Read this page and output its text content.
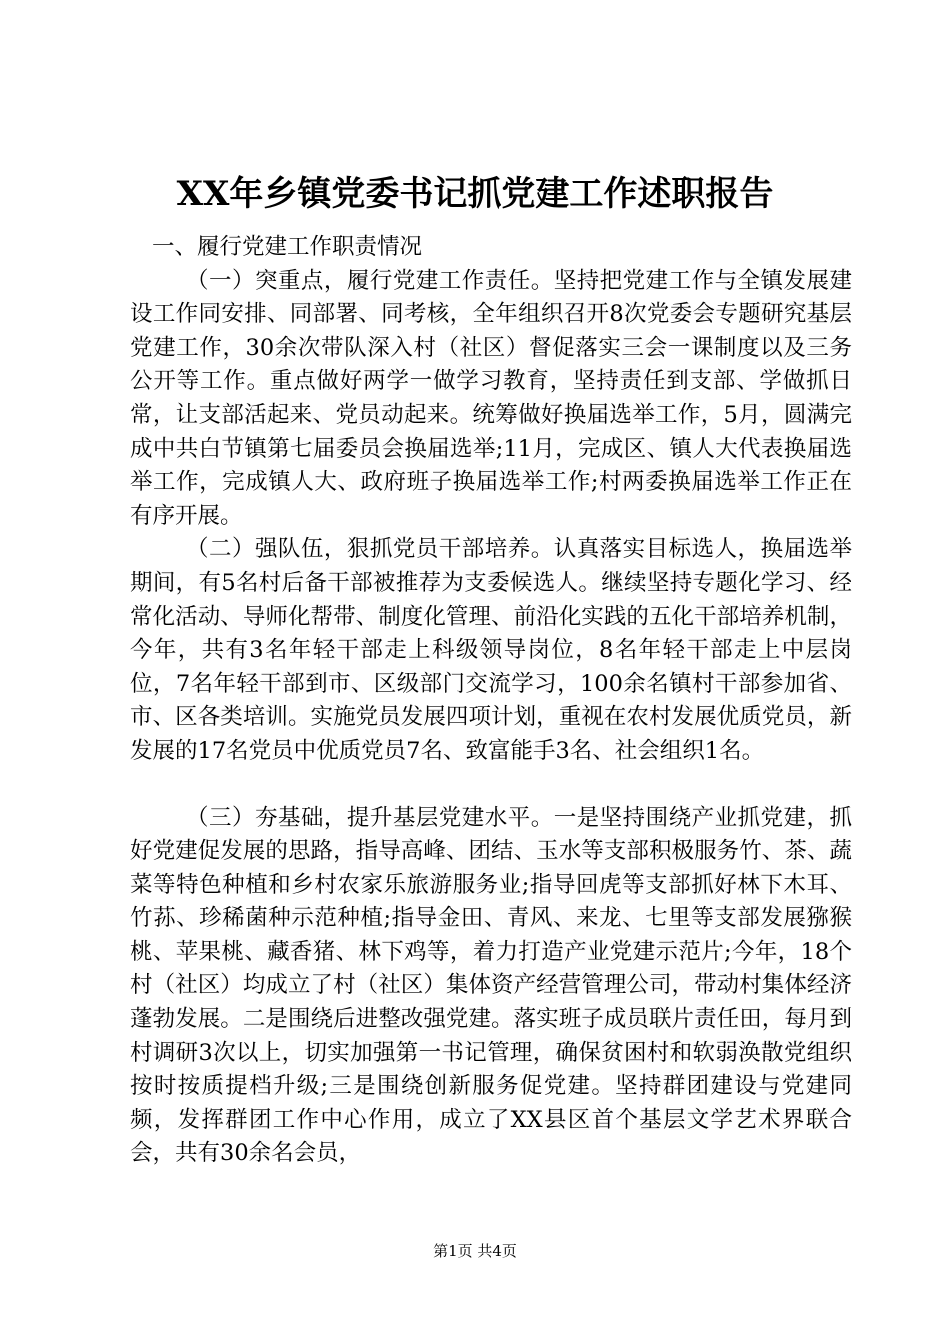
XX年乡镇党委书记抓党建工作述职报告

一、履行党建工作职责情况

（一）突重点，履行党建工作责任。坚持把党建工作与全镇发展建设工作同安排、同部署、同考核，全年组织召开8次党委会专题研究基层党建工作，30余次带队深入村（社区）督促落实三会一课制度以及三务公开等工作。重点做好两学一做学习教育，坚持责任到支部、学做抓日常，让支部活起来、党员动起来。统筹做好换届选举工作，5月，圆满完成中共白节镇第七届委员会换届选举;11月，完成区、镇人大代表换届选举工作，完成镇人大、政府班子换届选举工作;村两委换届选举工作正在有序开展。

（二）强队伍，狠抓党员干部培养。认真落实目标选人，换届选举期间，有5名村后备干部被推荐为支委候选人。继续坚持专题化学习、经常化活动、导师化帮带、制度化管理、前沿化实践的五化干部培养机制，今年，共有3名年轻干部走上科级领导岗位，8名年轻干部走上中层岗位，7名年轻干部到市、区级部门交流学习，100余名镇村干部参加省、市、区各类培训。实施党员发展四项计划，重视在农村发展优质党员，新发展的17名党员中优质党员7名、致富能手3名、社会组织1名。

（三）夯基础，提升基层党建水平。一是坚持围绕产业抓党建，抓好党建促发展的思路，指导高峰、团结、玉水等支部积极服务竹、茶、蔬菜等特色种植和乡村农家乐旅游服务业;指导回虎等支部抓好林下木耳、竹荪、珍稀菌种示范种植;指导金田、青风、来龙、七里等支部发展猕猴桃、苹果桃、藏香猪、林下鸡等，着力打造产业党建示范片;今年，18个村（社区）均成立了村（社区）集体资产经营管理公司，带动村集体经济蓬勃发展。二是围绕后进整改强党建。落实班子成员联片责任田，每月到村调研3次以上，切实加强第一书记管理，确保贫困村和软弱涣散党组织按时按质提档升级;三是围绕创新服务促党建。坚持群团建设与党建同频，发挥群团工作中心作用，成立了XX县区首个基层文学艺术界联合会，共有30余名会员，

第1页 共4页
